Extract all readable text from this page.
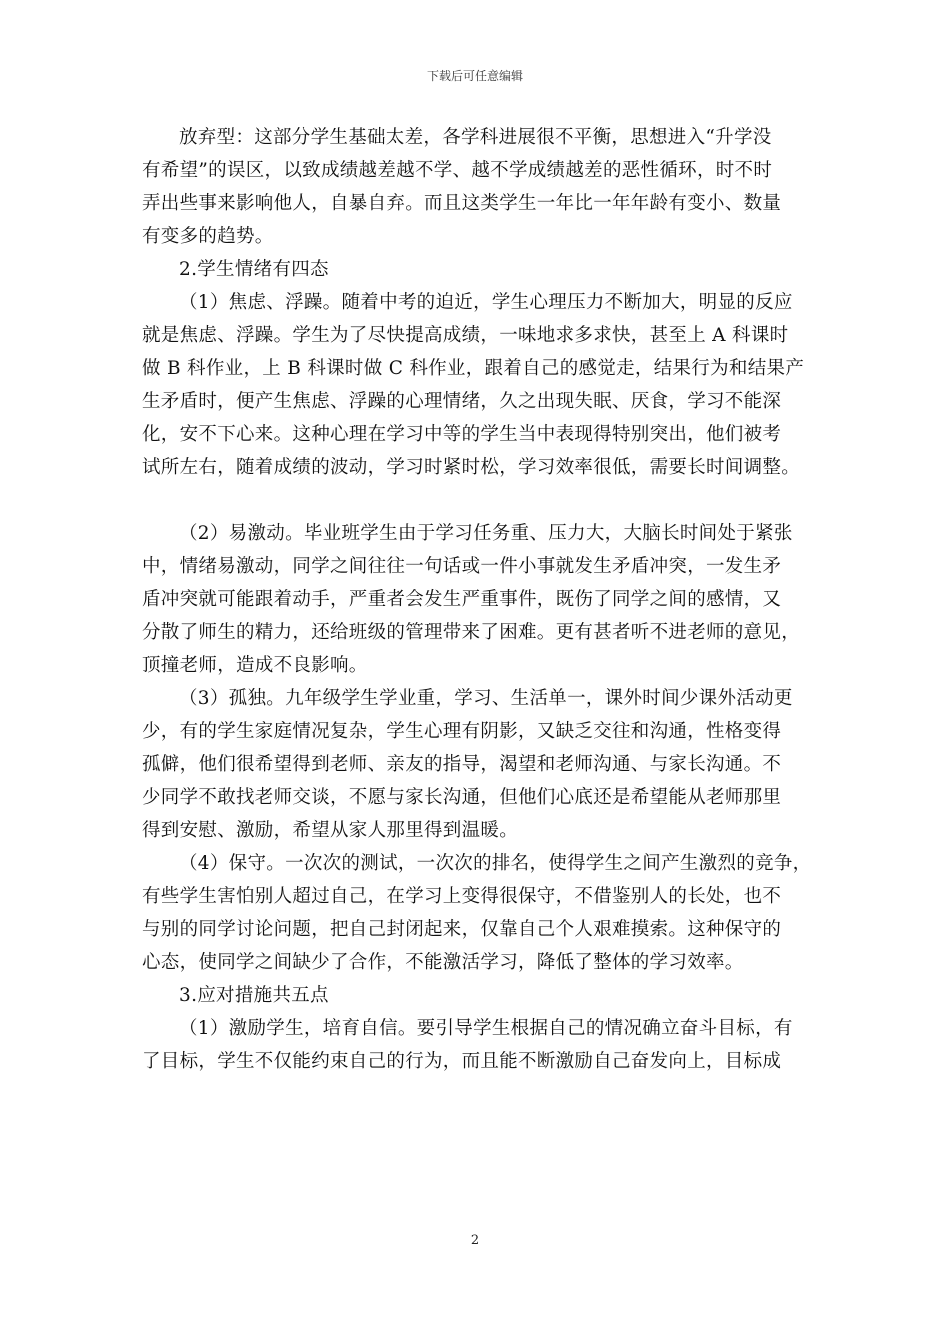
下载后可任意编辑
放弃型：这部分学生基础太差，各学科进展很不平衡，思想进入“升学没
有希望”的误区，以致成绩越差越不学、越不学成绩越差的恶性循环，时不时
弄出些事来影响他人，自暴自弃。而且这类学生一年比一年年龄有变小、数量
有变多的趋势。
2.学生情绪有四态
（1）焦虑、浮躁。随着中考的迫近，学生心理压力不断加大，明显的反应
就是焦虑、浮躁。学生为了尽快提高成绩，一味地求多求快，甚至上 A 科课时
做 B 科作业，上 B 科课时做 C 科作业，跟着自己的感觉走，结果行为和结果产
生矛盾时，便产生焦虑、浮躁的心理情绪，久之出现失眠、厌食，学习不能深
化，安不下心来。这种心理在学习中等的学生当中表现得特别突出，他们被考
试所左右，随着成绩的波动，学习时紧时松，学习效率很低，需要长时间调整。
（2）易激动。毕业班学生由于学习任务重、压力大，大脑长时间处于紧张
中，情绪易激动，同学之间往往一句话或一件小事就发生矛盾冲突，一发生矛
盾冲突就可能跟着动手，严重者会发生严重事件，既伤了同学之间的感情，又
分散了师生的精力，还给班级的管理带来了困难。更有甚者听不进老师的意见，
顶撞老师，造成不良影响。
（3）孤独。九年级学生学业重，学习、生活单一，课外时间少课外活动更
少，有的学生家庭情况复杂，学生心理有阴影，又缺乏交往和沟通，性格变得
孤僻，他们很希望得到老师、亲友的指导，渴望和老师沟通、与家长沟通。不
少同学不敢找老师交谈，不愿与家长沟通，但他们心底还是希望能从老师那里
得到安慰、激励，希望从家人那里得到温暖。
（4）保守。一次次的测试，一次次的排名，使得学生之间产生激烈的竞争，
有些学生害怕别人超过自己，在学习上变得很保守，不借鉴别人的长处，也不
与别的同学讨论问题，把自己封闭起来，仅靠自己个人艰难摸索。这种保守的
心态，使同学之间缺少了合作，不能激活学习，降低了整体的学习效率。
3.应对措施共五点
（1）激励学生，培育自信。要引导学生根据自己的情况确立奋斗目标，有
了目标，学生不仅能约束自己的行为，而且能不断激励自己奋发向上，目标成
2
